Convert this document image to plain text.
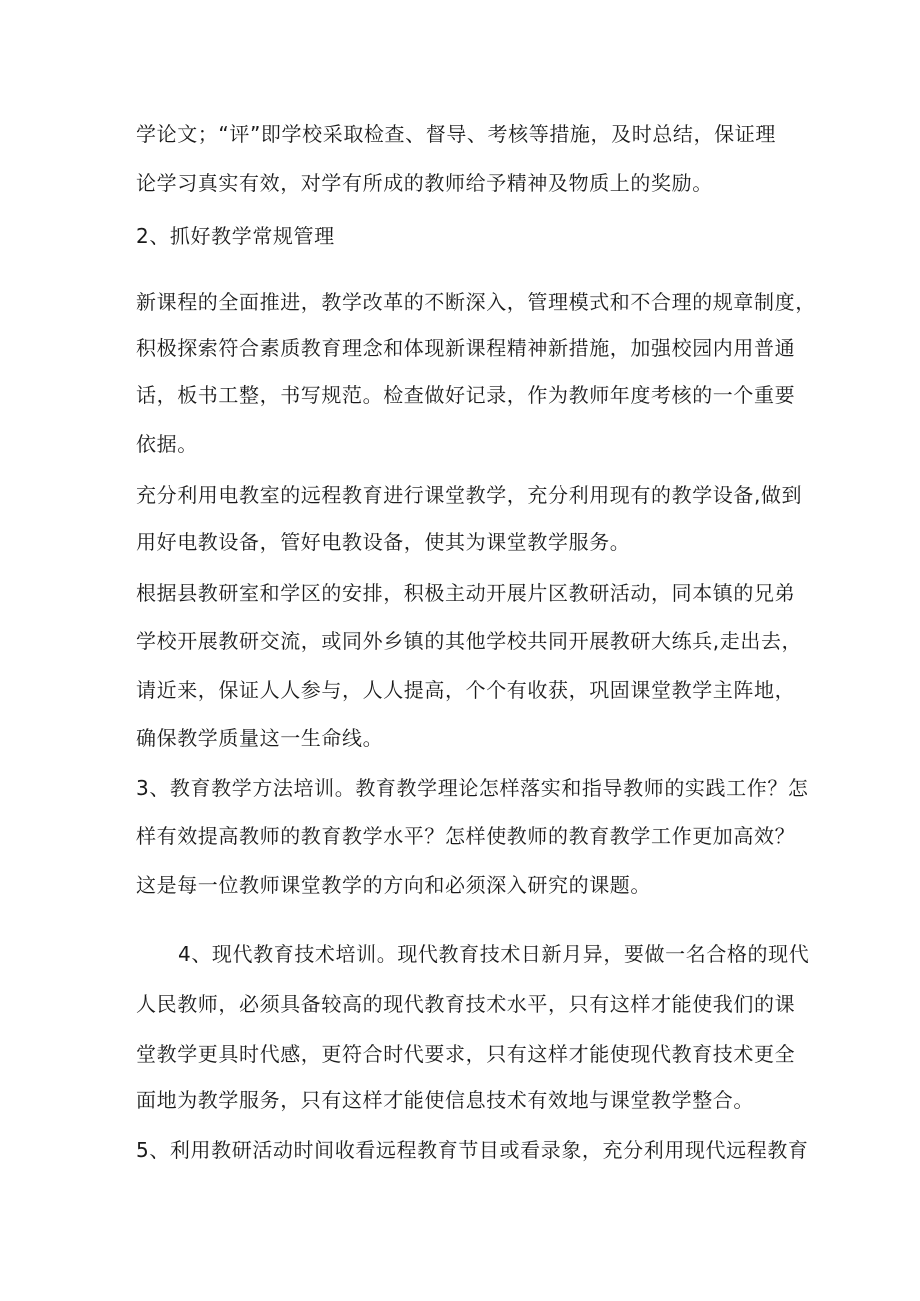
学论文；“评”即学校采取检查、督导、考核等措施，及时总结，保证理
论学习真实有效，对学有所成的教师给予精神及物质上的奖励。
2、抓好教学常规管理
新课程的全面推进，教学改革的不断深入，管理模式和不合理的规章制度，
积极探索符合素质教育理念和体现新课程精神新措施，加强校园内用普通
话，板书工整，书写规范。检查做好记录，作为教师年度考核的一个重要
依据。
充分利用电教室的远程教育进行课堂教学，充分利用现有的教学设备,做到
用好电教设备，管好电教设备，使其为课堂教学服务。
根据县教研室和学区的安排，积极主动开展片区教研活动，同本镇的兄弟
学校开展教研交流，或同外乡镇的其他学校共同开展教研大练兵,走出去，
请近来，保证人人参与，人人提高，个个有收获，巩固课堂教学主阵地，
确保教学质量这一生命线。
3、教育教学方法培训。教育教学理论怎样落实和指导教师的实践工作？怎
样有效提高教师的教育教学水平？怎样使教师的教育教学工作更加高效？
这是每一位教师课堂教学的方向和必须深入研究的课题。
4、现代教育技术培训。现代教育技术日新月异，要做一名合格的现代
人民教师，必须具备较高的现代教育技术水平，只有这样才能使我们的课
堂教学更具时代感，更符合时代要求，只有这样才能使现代教育技术更全
面地为教学服务，只有这样才能使信息技术有效地与课堂教学整合。
5、利用教研活动时间收看远程教育节目或看录象，充分利用现代远程教育
